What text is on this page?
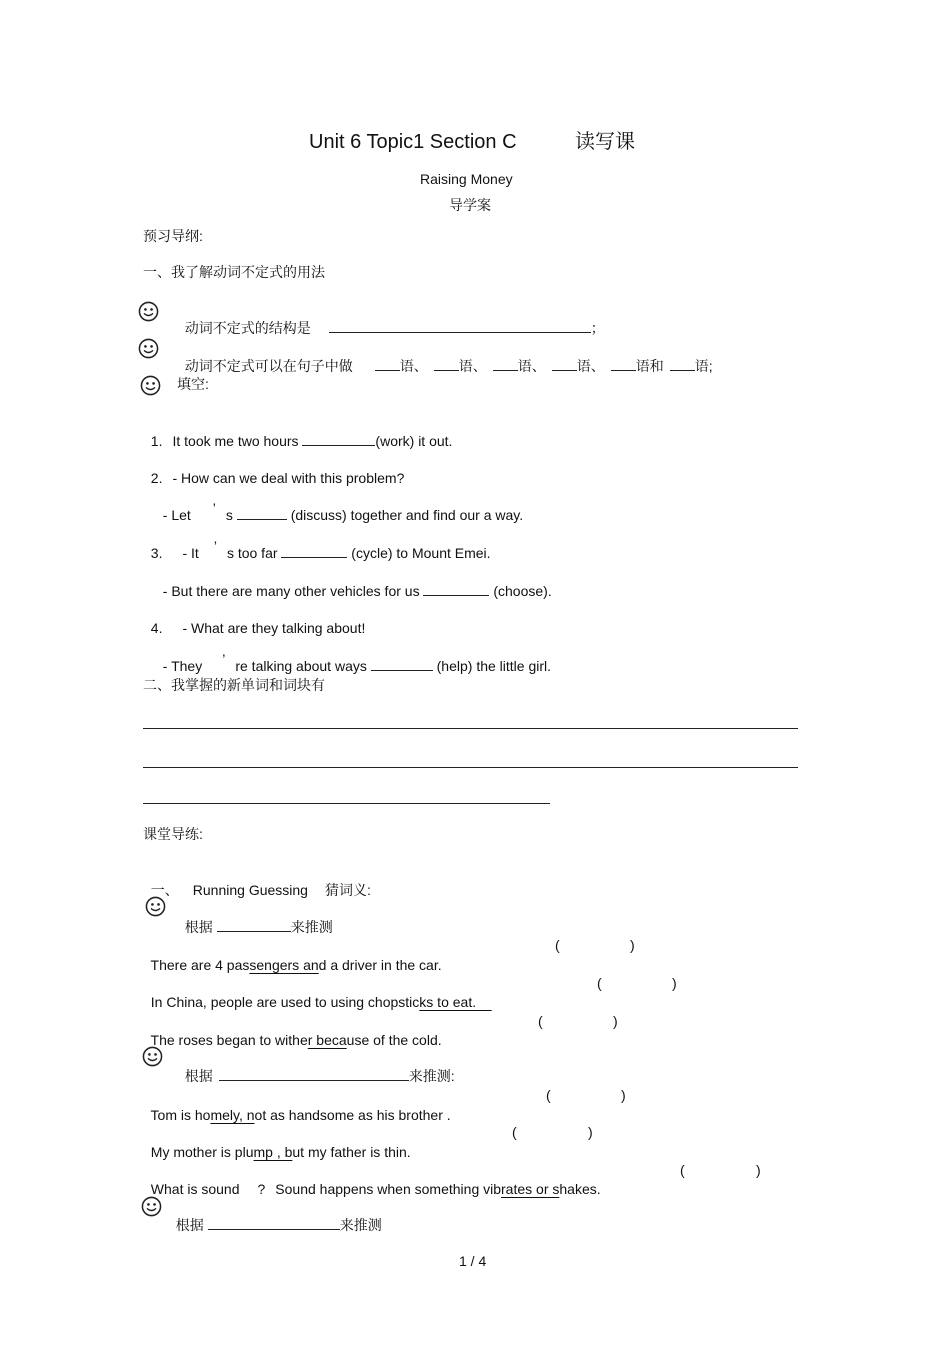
Unit 6 Topic1 Section C	读写课
Raising Money
导学案
预习导纲:
一、我了解动词不定式的用法

动词不定式的结构是	；

动词不定式可以在句子中做	语、 语、 语、 语、 语和 语;

填空:

1. It took me two hours	(work) it out.

2. - How can we deal with this problem?

- Let ’ s	(discuss) together and find our a way.

3. - It ’ s too far	(cycle) to Mount Emei.

- But there are many other vehicles for us	(choose).

4. - What are they talking about!

- They ’ re talking about ways	(help) the little girl.

二、我掌握的新单词和词块有
课堂导练:

一、 Running Guessing 猜词义:

根据	来推测

There are 4 passengers and a driver in the car.

(	)

In China, people are used to using chopsticks to eat.

(	)

The roses began to wither because of the cold.

(	)

根据	来推测:

Tom is homely, not as handsome as his brother .

(	)

My mother is plump , but my father is thin.

(	)

What is sound ? Sound happens when something vibrates or shakes.

(	)

根据	来推测

1 / 4
